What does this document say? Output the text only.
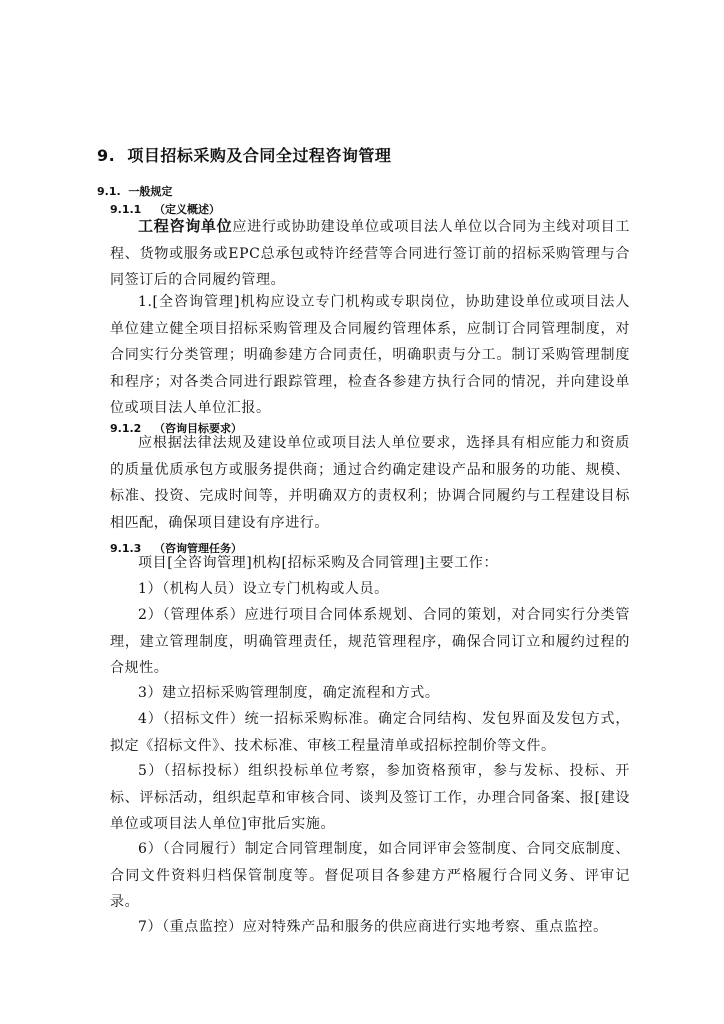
9. 项目招标采购及合同全过程咨询管理
9.1. 一般规定
9.1.1 （定义概述）

工程咨询单位应进行或协助建设单位或项目法人单位以合同为主线对项目工程、货物或服务或EPC总承包或特许经营等合同进行签订前的招标采购管理与合同签订后的合同履约管理。

1.[全咨询管理]机构应设立专门机构或专职岗位，协助建设单位或项目法人单位建立健全项目招标采购管理及合同履约管理体系，应制订合同管理制度，对合同实行分类管理；明确参建方合同责任，明确职责与分工。制订采购管理制度和程序；对各类合同进行跟踪管理，检查各参建方执行合同的情况，并向建设单位或项目法人单位汇报。

9.1.2 （咨询目标要求）

应根据法律法规及建设单位或项目法人单位要求，选择具有相应能力和资质的质量优质承包方或服务提供商；通过合约确定建设产品和服务的功能、规模、标准、投资、完成时间等，并明确双方的责权利；协调合同履约与工程建设目标相匹配，确保项目建设有序进行。

9.1.3 （咨询管理任务）

项目[全咨询管理]机构[招标采购及合同管理]主要工作：

1）（机构人员）设立专门机构或人员。

2）（管理体系）应进行项目合同体系规划、合同的策划，对合同实行分类管理，建立管理制度，明确管理责任，规范管理程序，确保合同订立和履约过程的合规性。

3）建立招标采购管理制度，确定流程和方式。

4）（招标文件）统一招标采购标准。确定合同结构、发包界面及发包方式，拟定《招标文件》、技术标准、审核工程量清单或招标控制价等文件。

5）（招标投标）组织投标单位考察，参加资格预审，参与发标、投标、开标、评标活动，组织起草和审核合同、谈判及签订工作，办理合同备案、报[建设单位或项目法人单位]审批后实施。

6）（合同履行）制定合同管理制度，如合同评审会签制度、合同交底制度、合同文件资料归档保管制度等。督促项目各参建方严格履行合同义务、评审记录。

7）（重点监控）应对特殊产品和服务的供应商进行实地考察、重点监控。
